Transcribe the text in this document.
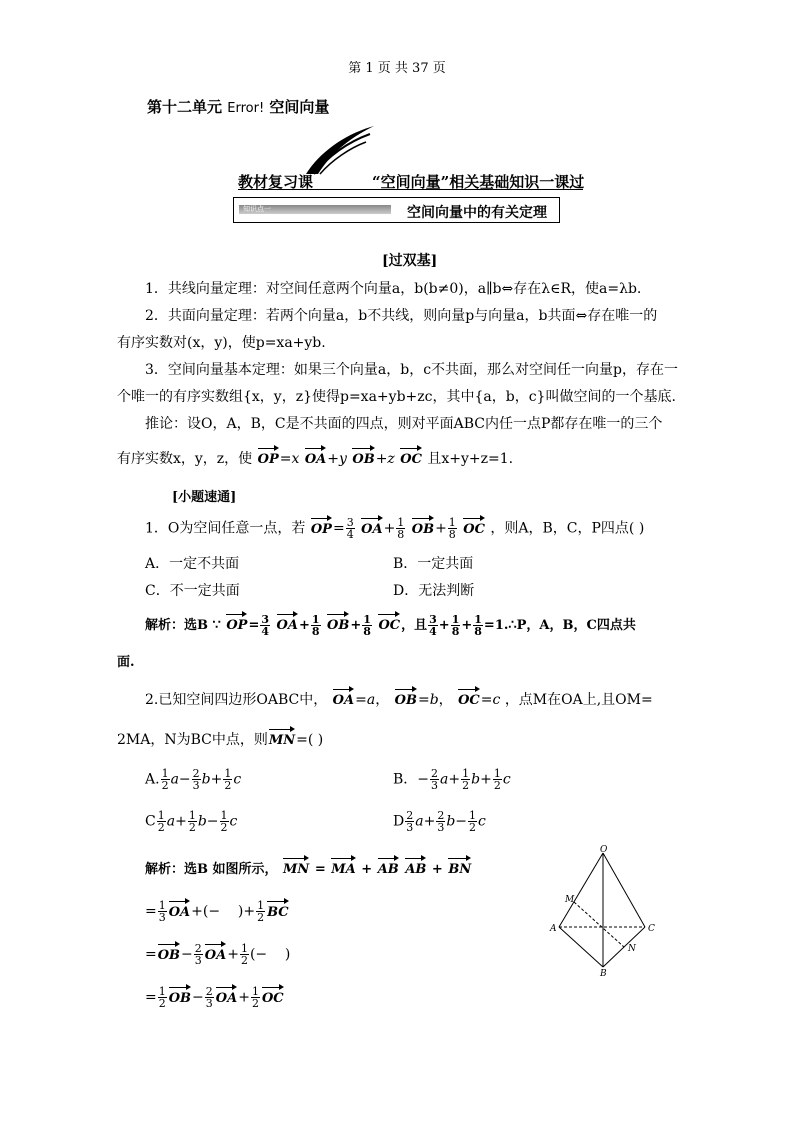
第 1 页 共 37 页
第十二单元 Error! 空间向量
教材复习课	“空间向量”相关基础知识一课过
知识点一	空间向量中的有关定理
[过双基]
1．共线向量定理：对空间任意两个向量a，b(b≠0)，a∥b⇔存在λ∈R，使a=λb.
2．共面向量定理：若两个向量a，b不共线，则向量p与向量a，b共面⇔存在唯一的
有序实数对(x，y)，使p=xa+yb.
3．空间向量基本定理：如果三个向量a，b，c不共面，那么对空间任一向量p，存在一
个唯一的有序实数组{x，y，z}使得p=xa+yb+zc，其中{a，b，c}叫做空间的一个基底.
推论：设O，A，B，C是不共面的四点，则对平面ABC内任一点P都存在唯一的三个
有序实数x，y，z，使 OP=x OA+y OB+z OC 且x+y+z=1.
[小题速通]
1．O为空间任意一点，若 $OP= \frac{3}{4} OA+ \frac{1}{8} OB+ \frac{1}{8}$ OC ，则A，B，C，P四点( )
A．一定不共面	B．一定共面
C．不一定共面	D．无法判断
解析：选B ∵ $OP= \frac{3}{4} OA+ \frac{1}{8} OB+ \frac{1}{8}$ OC，且 $\frac{3}{4} + \frac{1}{8} + \frac{1}{8}$ =1.∴P，A，B，C四点共
面.
2.已知空间四边形OABC中， OA=a， OB=b， OC=c ，点M在OA上,且OM=
2MA，N为BC中点，则MN=( )
A. $\frac{1}{2} a- \frac{2}{3} b+ \frac{1}{2}$ c	B．− $\frac{2}{3} a+ \frac{1}{2} b+ \frac{1}{2}$ c
C $\frac{1}{2} a+ \frac{1}{2} b- \frac{1}{2}$ c	D $\frac{2}{3} a+ \frac{2}{3} b- \frac{1}{2}$ c
解析：选B 如图所示， MN = MA + AB AB + BN
= $\frac{1}{3} OA+(-$    )+ $\frac{1}{2}$ BC
$=OB- \frac{2}{3} OA+ \frac{1}{2}$ (−    )
= $\frac{1}{2} OB- \frac{2}{3} OA+ \frac{1}{2}$ OC
O
M
A	C
N
B
